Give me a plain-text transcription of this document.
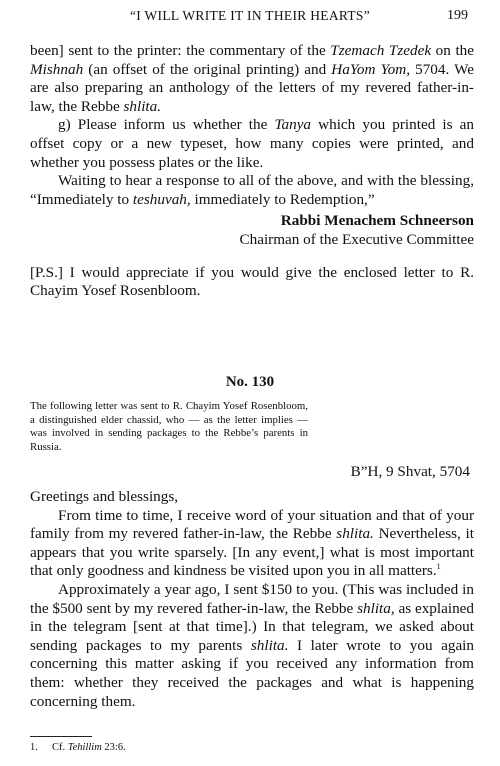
“I WILL WRITE IT IN THEIR HEARTS”	199

been] sent to the printer: the commentary of the Tzemach Tzedek on the Mishnah (an offset of the original printing) and HaYom Yom, 5704. We are also preparing an anthology of the letters of my revered father-in-law, the Rebbe shlita.

g) Please inform us whether the Tanya which you printed is an offset copy or a new typeset, how many copies were printed, and whether you possess plates or the like.

Waiting to hear a response to all of the above, and with the blessing, “Immediately to teshuvah, immediately to Redemption,”

Rabbi Menachem Schneerson
Chairman of the Executive Committee

[P.S.] I would appreciate if you would give the enclosed letter to R. Chayim Yosef Rosenbloom.

No. 130
The following letter was sent to R. Chayim Yosef Rosenbloom, a distinguished elder chassid, who — as the letter implies — was involved in sending packages to the Rebbe’s parents in Russia.
B”H, 9 Shvat, 5704

Greetings and blessings,

From time to time, I receive word of your situation and that of your family from my revered father-in-law, the Rebbe shlita. Nevertheless, it appears that you write sparsely. [In any event,] what is most important that only goodness and kindness be visited upon you in all matters.$^1$

Approximately a year ago, I sent $150 to you. (This was included in the $500 sent by my revered father-in-law, the Rebbe shlita, as explained in the telegram [sent at that time].) In that telegram, we asked about sending packages to my parents shlita. I later wrote to you again concerning this matter asking if you received any information from them: whether they received the packages and what is happening concerning them.

1. Cf. Tehillim 23:6.
